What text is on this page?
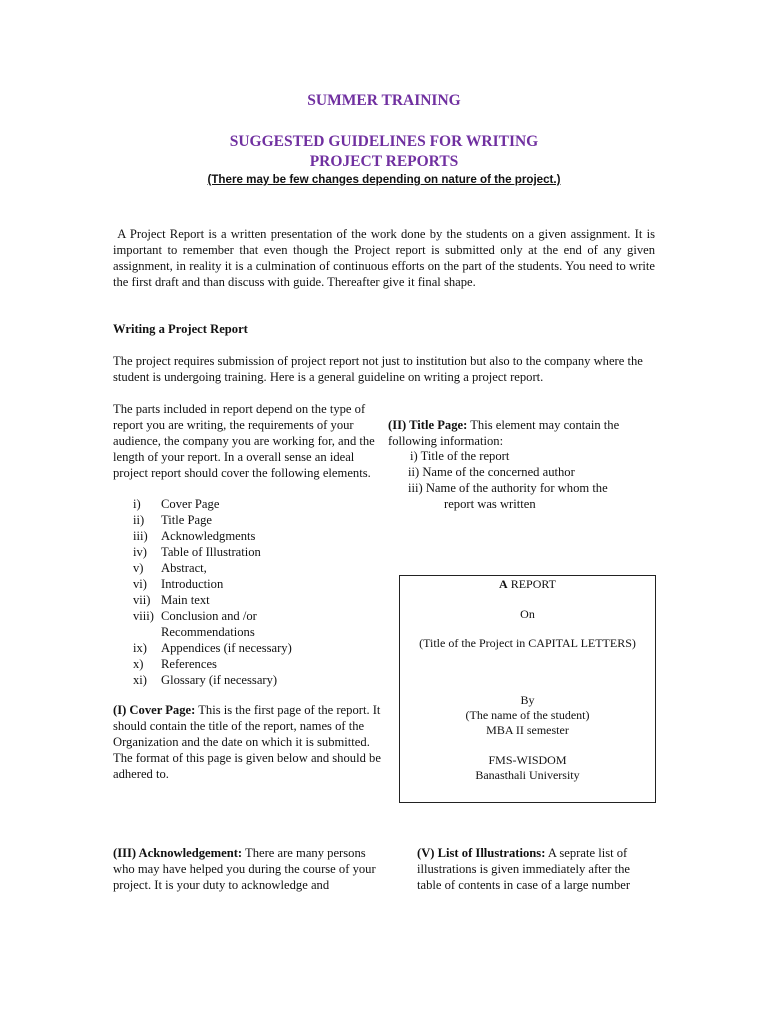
SUMMER TRAINING
SUGGESTED GUIDELINES FOR WRITING
PROJECT REPORTS
(There may be few changes depending on nature of the project.)

A Project Report is a written presentation of the work done by the students on a given assignment. It is important to remember that even though the Project report is submitted only at the end of any given assignment, in reality it is a culmination of continuous efforts on the part of the students. You need to write the first draft and than discuss with guide. Thereafter give it final shape.

Writing a Project Report

The project requires submission of project report not just to institution but also to the company where the student is undergoing training. Here is a general guideline on writing a project report.

The parts included in report depend on the type of report you are writing, the requirements of your audience, the company you are working for, and the length of your report. In a overall sense an ideal project report should cover the following elements.

i)	Cover Page
ii)	Title Page
iii)	Acknowledgments
iv)	Table of Illustration
v)	Abstract,
vi)	Introduction
vii) Main text
viii) Conclusion and /or Recommendations
ix)	Appendices (if necessary)
x)	References
xi)	Glossary (if necessary)

(I) Cover Page: This is the first page of the report. It should contain the title of the report, names of the Organization and the date on which it is submitted. The format of this page is given below and should be adhered to.

(II) Title Page: This element may contain the following information:

i) Title of the report
ii) Name of the concerned author
iii) Name of the authority for whom the
report was written

A REPORT

On

(Title of the Project in CAPITAL LETTERS)

By

(The name of the student)

MBA II semester

FMS-WISDOM

Banasthali University

(III) Acknowledgement: There are many persons who may have helped you during the course of your project. It is your duty to acknowledge and

(V) List of Illustrations: A seprate list of illustrations is given immediately after the table of contents in case of a large number
